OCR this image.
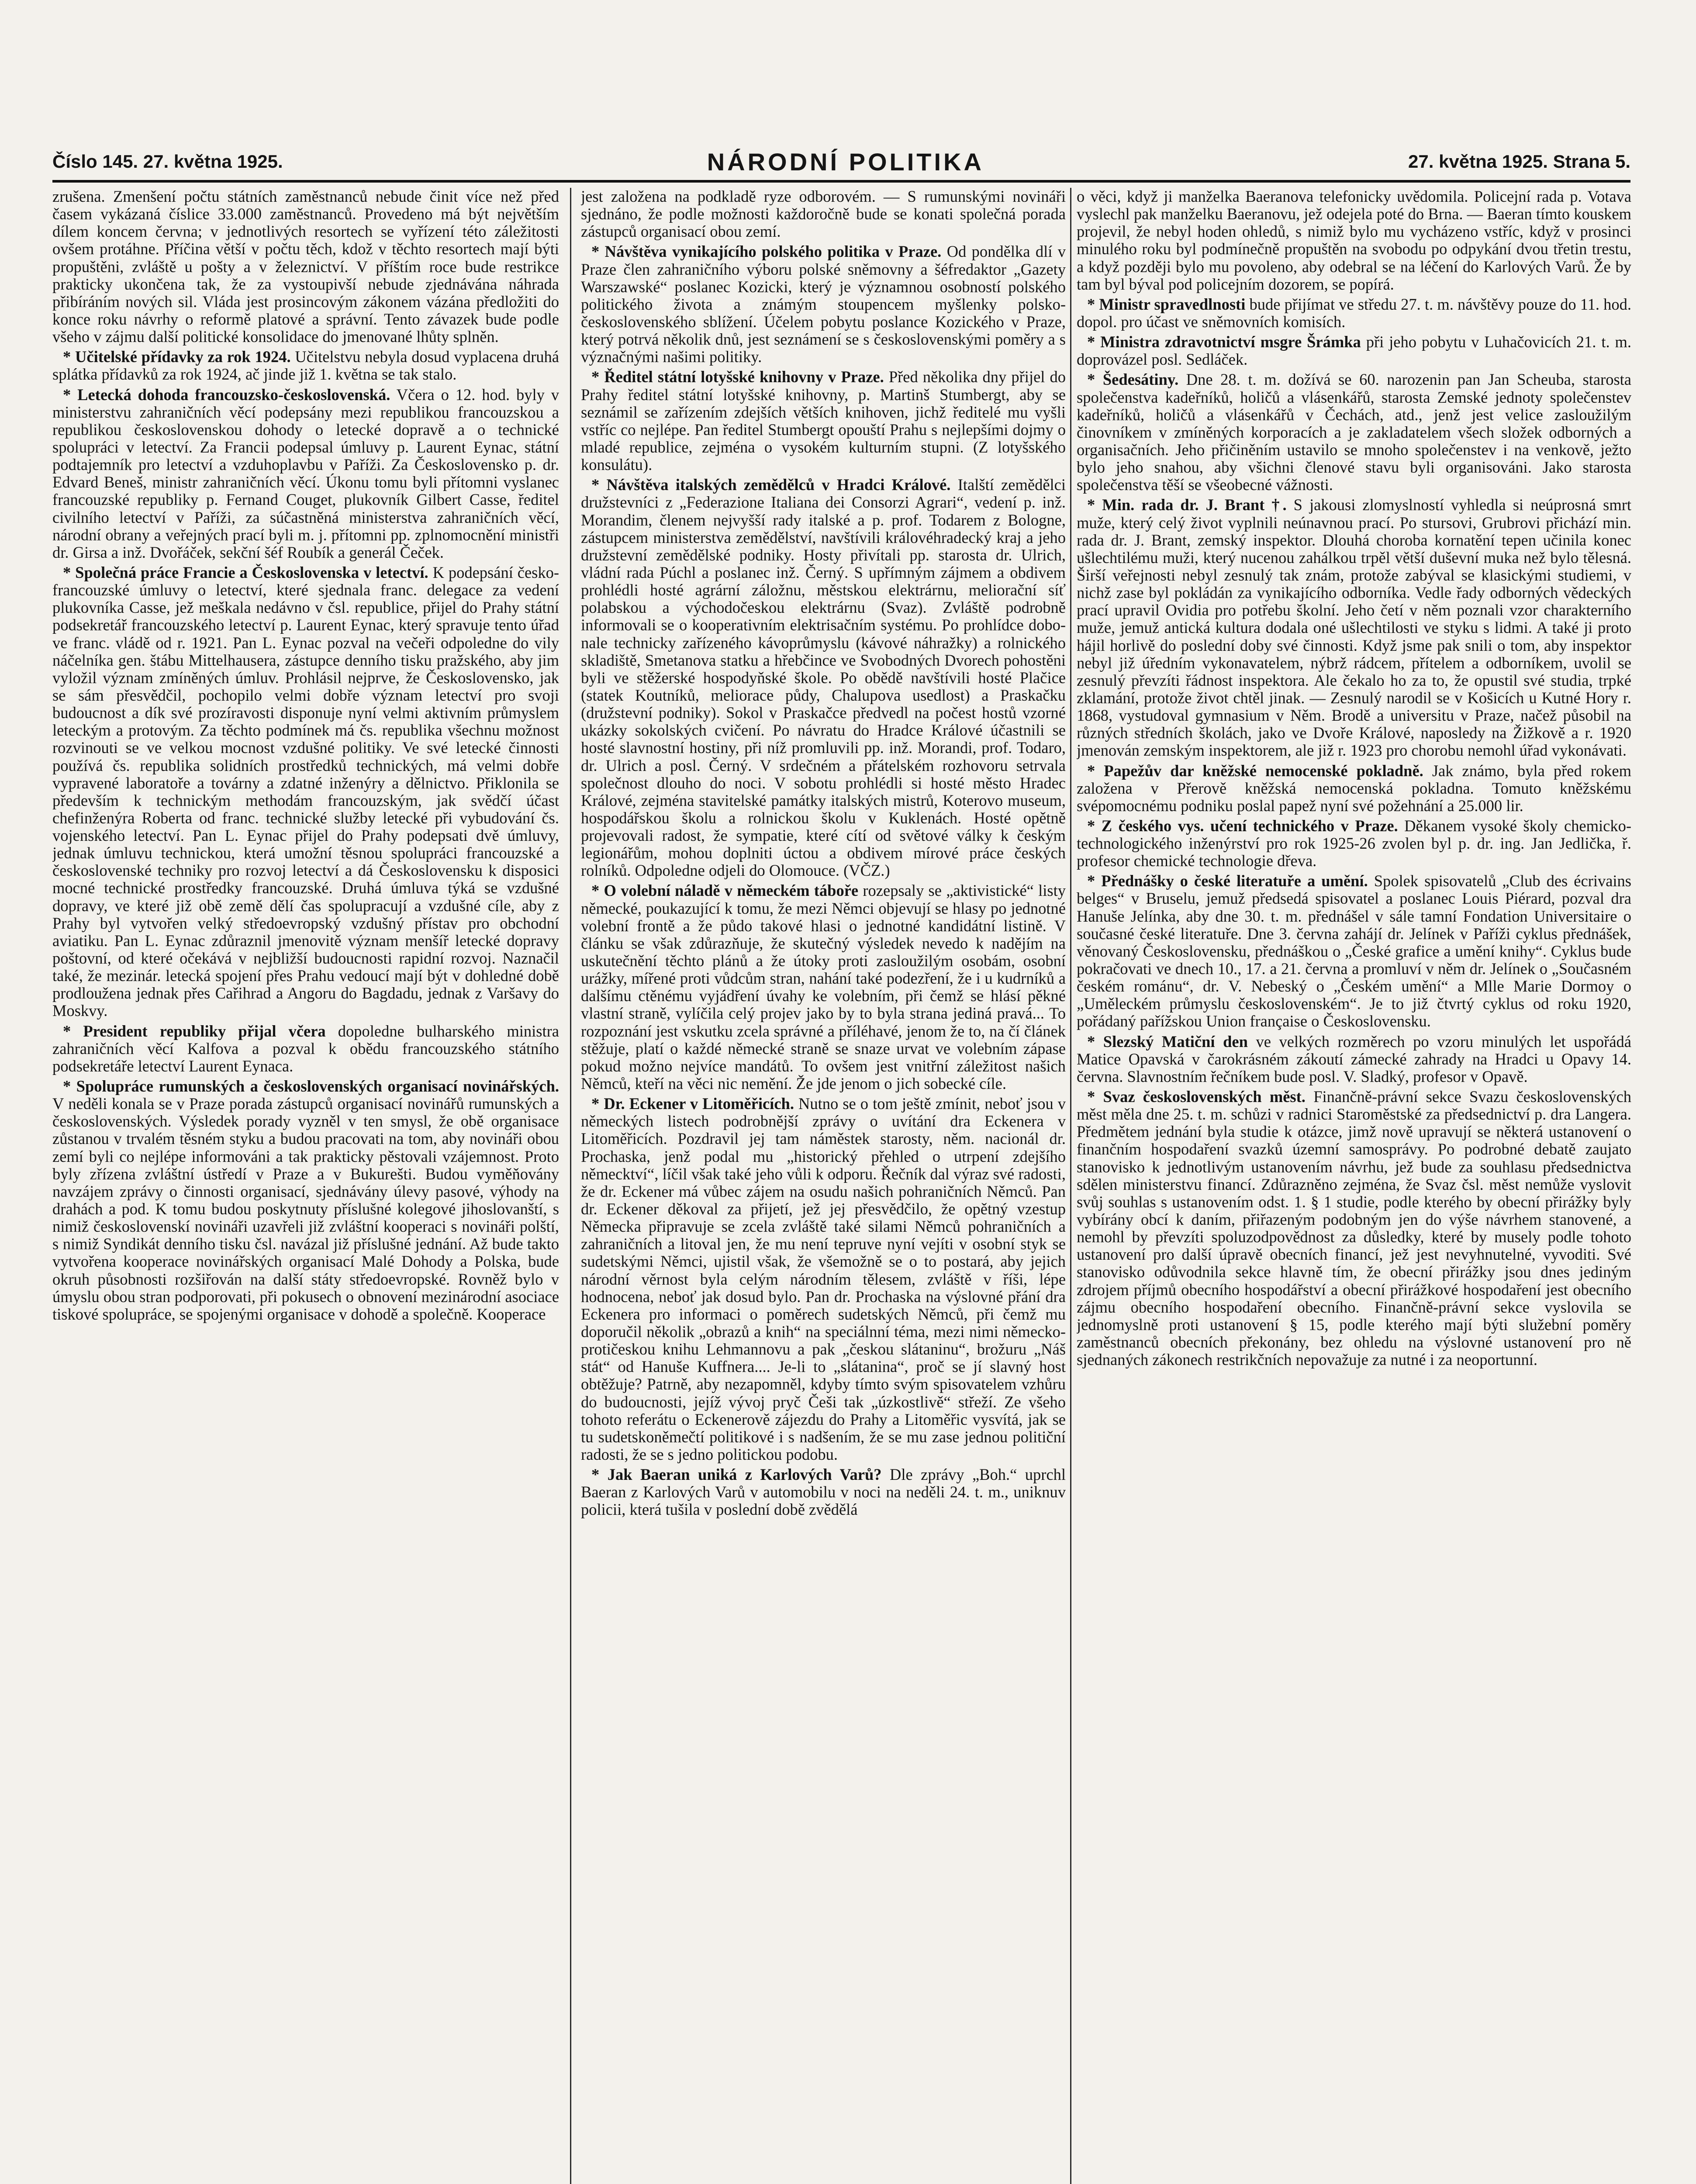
Číslo 145. 27. května 1925.	NÁRODNÍ POLITIKA	27. května 1925. Strana 5.

zrušena. Zmenšení počtu státních zaměstnanců nebude činit více než před časem vykázaná číslice 33.000 zaměstnanců. Provedeno má být největším dílem koncem června; v jednotlivých resortech se vyřízení této záležitosti ovšem protáhne. Příčina větší v počtu těch, kdož v těchto resortech mají býti propuštěni, zvláště u pošty a v železnictví. V příštím roce bude restrikce prakticky ukončena tak, že za vystoupivší nebude zjednávána náhrada přibíráním nových sil. Vláda jest prosincovým zákonem vázána předložiti do konce roku návrhy o reformě platové a správní. Tento závazek bude podle všeho v zájmu další politické konsolidace do jmenované lhůty splněn.

* Učitelské přídavky za rok 1924. Učitelstvu nebyla dosud vyplacena druhá splátka přídavků za rok 1924, ač jinde již 1. května se tak stalo.

* Letecká dohoda francouzsko-československá. Včera o 12. hod. byly v ministerstvu zahraničních věcí podepsány mezi republikou francouzskou a republikou československou dohody o letecké dopravě a o technické spolupráci v letectví. Za Francii podepsal úmluvy p. Laurent Eynac, státní podtajemník pro letectví a vzduhoplavbu v Paříži. Za Československo p. dr. Edvard Beneš, ministr zahraničních věcí. Úkonu tomu byli přítomni vyslanec francouzské republiky p. Fernand Couget, plukovník Gilbert Casse, ředitel civilního letectví v Paříži, za súčastněná ministerstva zahraničních věcí, národní obrany a veřejných prací byli m. j. přítomni pp. zplnomocnění ministři dr. Girsa a inž. Dvořáček, sekční šéf Roubík a generál Čeček.

* Společná práce Francie a Československa v letectví. K podepsání česko-francouzské úmluvy o letectví, které sjednala franc. delegace za vedení plukovníka Casse, jež meškala nedávno v čsl. republice, přijel do Prahy státní podsekretář francouzského letectví p. Laurent Eynac, který spravuje tento úřad ve franc. vládě od r. 1921. Pan L. Eynac pozval na večeři odpoledne do vily náčelníka gen. štábu Mittelhausera, zástupce denního tisku pražského, aby jim vyložil význam zmíněných úmluv. Prohlásil nejprve, že Československo, jak se sám přesvědčil, pochopilo velmi dobře význam letectví pro svoji budoucnost a dík své prozíravosti disponuje nyní velmi aktivním průmyslem leteckým a protovým. Za těchto podmínek má čs. republika všechnu možnost rozvinouti se ve velkou mocnost vzdušné politiky. Ve své letecké činnosti používá čs. republika solidních prostředků technických, má velmi dobře vypravené laboratoře a továrny a zdatné inženýry a dělnictvo. Přiklonila se především k technickým methodám francouzským, jak svědčí účast chefinženýra Roberta od franc. technické služby letecké při vybudování čs. vojenského letectví. Pan L. Eynac přijel do Prahy podepsati dvě úmluvy, jednak úmluvu technickou, která umožní těsnou spolupráci francouzské a československé techniky pro rozvoj letectví a dá Československu k disposici mocné technické prostředky francouzské. Druhá úmluva týká se vzdušné dopravy, ve které již obě země dělí čas spolupracují a vzdušné cíle, aby z Prahy byl vytvořen velký středoevropský vzdušný přístav pro obchodní aviatiku. Pan L. Eynac zdůraznil jmenovitě význam menšíř letecké dopravy poštovní, od které očekává v nejbližší budoucnosti rapidní rozvoj. Naznačil také, že mezinár. letecká spojení přes Prahu vedoucí mají být v dohledné době prodloužena jednak přes Cařihrad a Angoru do Bagdadu, jednak z Varšavy do Moskvy.

* President republiky přijal včera dopoledne bulharského ministra zahraničních věcí Kalfova a pozval k obědu francouzského státního podsekretáře letectví Laurent Eynaca.

* Spolupráce rumunských a československých organisací novinářských. V neděli konala se v Praze porada zástupců organisací novinářů rumunských a československých. Výsledek porady vyzněl v ten smysl, že obě organisace zůstanou v trvalém těsném styku a budou pracovati na tom, aby novináři obou zemí byli co nejlépe informováni a tak prakticky pěstovali vzájemnost. Proto byly zřízena zvláštní ústředí v Praze a v Bukurešti. Budou vyměňovány navzájem zprávy o činnosti organisací, sjednávány úlevy pasové, výhody na drahách a pod. K tomu budou poskytnuty příslušné kolegové jihoslovanští, s nimiž československí novináři uzavřeli již zvláštní kooperaci s novináři polští, s nimiž Syndikát denního tisku čsl. navázal již příslušné jednání. Až bude takto vytvořena kooperace novinářských organisací Malé Dohody a Polska, bude okruh působnosti rozšiřován na další státy středoevropské. Rovněž bylo v úmyslu obou stran podporovati, při pokusech o obnovení mezinárodní asociace tiskové spolupráce, se spojenými organisace v dohodě a společně. Kooperace

jest založena na podkladě ryze odborovém. — S rumunskými novináři sjednáno, že podle možnosti každoročně bude se konati společná porada zástupců organisací obou zemí.

* Návštěva vynikajícího polského politika v Praze. Od pondělka dlí v Praze člen zahraničního výboru polské sněmovny a šéfredaktor „Gazety Warszawské“ poslanec Kozicki, který je významnou osobností polského politického života a známým stoupencem myšlenky polsko-československého sblížení. Účelem pobytu poslance Kozického v Praze, který potrvá několik dnů, jest seznámení se s československými poměry a s význačnými našimi politiky.

* Ředitel státní lotyšské knihovny v Praze. Před několika dny přijel do Prahy ředitel státní lotyšské knihovny, p. Martinš Stumbergt, aby se seznámil se zařízením zdejších větších knihoven, jichž ředitelé mu vyšli vstříc co nejlépe. Pan ředitel Stumbergt opouští Prahu s nejlepšími dojmy o mladé republice, zejména o vysokém kulturním stupni. (Z lotyšského konsulátu).

* Návštěva italských zemědělců v Hradci Králové. Italští zemědělci družstevníci z „Federazione Italiana dei Consorzi Agrari“, vedení p. inž. Morandim, členem nejvyšší rady italské a p. prof. Todarem z Bologne, zástupcem ministerstva zemědělství, navštívili královéhradecký kraj a jeho družstevní zemědělské podniky. Hosty přivítali pp. starosta dr. Ulrich, vládní rada Púchl a poslanec inž. Černý. S upřímným zájmem a obdivem prohlédli hosté agrární záložnu, městskou elektrárnu, meliorační síť polabskou a východočeskou elektrárnu (Svaz). Zvláště podrobně informovali se o kooperativním elektrisačním systému. Po prohlídce dobonale technicky zařízeného kávoprůmyslu (kávové náhražky) a rolnického skladiště, Smetanova statku a hřebčince ve Svobodných Dvorech pohostěni byli ve stěžerské hospodyňské škole. Po obědě navštívili hosté Plačice (statek Koutníků, meliorace půdy, Chalupova usedlost) a Praskačku (družstevní podniky). Sokol v Praskačce předvedl na počest hostů vzorné ukázky sokolských cvičení. Po návratu do Hradce Králové účastnili se hosté slavnostní hostiny, při níž promluvili pp. inž. Morandi, prof. Todaro, dr. Ulrich a posl. Černý. V srdečném a přátelském rozhovoru setrvala společnost dlouho do noci. V sobotu prohlédli si hosté město Hradec Králové, zejména stavitelské památky italských mistrů, Koterovo museum, hospodářskou školu a rolnickou školu v Kuklenách. Hosté opětně projevovali radost, že sympatie, které cítí od světové války k českým legionářům, mohou doplniti úctou a obdivem mírové práce českých rolníků. Odpoledne odjeli do Olomouce. (VČZ.)

* O volební náladě v německém táboře rozepsaly se „aktivistické“ listy německé, poukazující k tomu, že mezi Němci objevují se hlasy po jednotné volební frontě a že půdo takové hlasi o jednotné kandidátní listině. V článku se však zdůrazňuje, že skutečný výsledek nevedo k nadějím na uskutečnění těchto plánů a že útoky proti zasloužilým osobám, osobní urážky, mířené proti vůdcům stran, nahání také podezření, že i u kudrníků a dalšímu ctěnému vyjádření úvahy ke volebním, při čemž se hlásí pěkné vlastní straně, vylíčila celý projev jako by to byla strana jediná pravá... To rozpoznání jest vskutku zcela správné a příléhavé, jenom že to, na čí článek stěžuje, platí o každé německé straně se snaze urvat ve volebním zápase pokud možno nejvíce mandátů. To ovšem jest vnitřní záležitost našich Němců, kteří na věci nic nemění. Že jde jenom o jich sobecké cíle.

* Dr. Eckener v Litoměřicích. Nutno se o tom ještě zmínit, neboť jsou v německých listech podrobnější zprávy o uvítání dra Eckenera v Litoměřicích. Pozdravil jej tam náměstek starosty, něm. nacionál dr. Prochaska, jenž podal mu „historický přehled o utrpení zdejšího německtví“, líčil však také jeho vůli k odporu. Řečník dal výraz své radosti, že dr. Eckener má vůbec zájem na osudu našich pohraničních Němců. Pan dr. Eckener děkoval za přijetí, jež jej přesvědčilo, že opětný vzestup Německa připravuje se zcela zvláště také silami Němců pohraničních a zahraničních a litoval jen, že mu není tepruve nyní vejíti v osobní styk se sudetskými Němci, ujistil však, že všemožně se o to postará, aby jejich národní věrnost byla celým národním tělesem, zvláště v říši, lépe hodnocena, neboť jak dosud bylo. Pan dr. Prochaska na výslovné přání dra Eckenera pro informaci o poměrech sudetských Němců, při čemž mu doporučil několik „obrazů a knih“ na speciálnní téma, mezi nimi německo-protičeskou knihu Lehmannovu a pak „českou slátaninu“, brožuru „Náš stát“ od Hanuše Kuffnera.... Je-li to „slátanina“, proč se jí slavný host obtěžuje? Patrně, aby nezapomněl, kdyby tímto svým spisovatelem vzhůru do budoucnosti, jejíž vývoj pryč Češi tak „úzkostlivě“ střeží. Ze všeho tohoto referátu o Eckenerově zájezdu do Prahy a Litoměřic vysvítá, jak se tu sudetskoněmečtí politikové i s nadšením, že se mu zase jednou političní radosti, že se s jedno politickou podobu.

* Jak Baeran uniká z Karlových Varů? Dle zprávy „Boh.“ uprchl Baeran z Karlových Varů v automobilu v noci na neděli 24. t. m., uniknuv policii, která tušila v poslední době zvědělá

o věci, když ji manželka Baeranova telefonicky uvědomila. Policejní rada p. Votava vyslechl pak manželku Baeranovu, jež odejela poté do Brna. — Baeran tímto kouskem projevil, že nebyl hoden ohledů, s nimiž bylo mu vycházeno vstříc, když v prosinci minulého roku byl podmínečně propuštěn na svobodu po odpykání dvou třetin trestu, a když později bylo mu povoleno, aby odebral se na léčení do Karlových Varů. Že by tam byl býval pod policejním dozorem, se popírá.

* Ministr spravedlnosti bude přijímat ve středu 27. t. m. návštěvy pouze do 11. hod. dopol. pro účast ve sněmovních komisích.

* Ministra zdravotnictví msgre Šrámka při jeho pobytu v Luhačovicích 21. t. m. doprovázel posl. Sedláček.

* Šedesátiny. Dne 28. t. m. dožívá se 60. narozenin pan Jan Scheuba, starosta společenstva kadeřníků, holičů a vlásenkářů, starosta Zemské jednoty společenstev kadeřníků, holičů a vlásenkářů v Čechách, atd., jenž jest velice zasloužilým činovníkem v zmíněných korporacích a je zakladatelem všech složek odborných a organisačních. Jeho přičiněním ustavilo se mnoho společenstev i na venkově, ježto bylo jeho snahou, aby všichni členové stavu byli organisováni. Jako starosta společenstva těší se všeobecné vážnosti.

* Min. rada dr. J. Brant †. S jakousi zlomyslností vyhledla si neúprosná smrt muže, který celý život vyplnili neúnavnou prací. Po stursovi, Grubrovi přichází min. rada dr. J. Brant, zemský inspektor. Dlouhá choroba kornatění tepen učinila konec ušlechtilému muži, který nucenou zahálkou trpěl větší duševní muka než bylo tělesná. Širší veřejnosti nebyl zesnulý tak znám, protože zabýval se klasickými studiemi, v nichž zase byl pokládán za vynikajícího odborníka. Vedle řady odborných vědeckých prací upravil Ovidia pro potřebu školní. Jeho četí v něm poznali vzor charakterního muže, jemuž antická kultura dodala oné ušlechtilosti ve styku s lidmi. A také ji proto hájil horlivě do poslední doby své činnosti. Když jsme pak snili o tom, aby inspektor nebyl již úředním vykonavatelem, nýbrž rádcem, přítelem a odborníkem, uvolil se zesnulý převzíti řádnost inspektora. Ale čekalo ho za to, že opustil své studia, trpké zklamání, protože život chtěl jinak. — Zesnulý narodil se v Košicích u Kutné Hory r. 1868, vystudoval gymnasium v Něm. Brodě a universitu v Praze, načež působil na různých středních školách, jako ve Dvoře Králové, naposledy na Žižkově a r. 1920 jmenován zemským inspektorem, ale již r. 1923 pro chorobu nemohl úřad vykonávati.

* Papežův dar kněžské nemocenské pokladně. Jak známo, byla před rokem založena v Přerově kněžská nemocenská pokladna. Tomuto kněžskému svépomocnému podniku poslal papež nyní své požehnání a 25.000 lir.

* Z českého vys. učení technického v Praze. Děkanem vysoké školy chemicko-technologického inženýrství pro rok 1925-26 zvolen byl p. dr. ing. Jan Jedlička, ř. profesor chemické technologie dřeva.

* Přednášky o české literatuře a umění. Spolek spisovatelů „Club des écrivains belges“ v Bruselu, jemuž předsedá spisovatel a poslanec Louis Piérard, pozval dra Hanuše Jelínka, aby dne 30. t. m. přednášel v sále tamní Fondation Universitaire o současné české literatuře. Dne 3. června zahájí dr. Jelínek v Paříži cyklus přednášek, věnovaný Československu, přednáškou o „České grafice a umění knihy“. Cyklus bude pokračovati ve dnech 10., 17. a 21. června a promluví v něm dr. Jelínek o „Současném českém románu“, dr. V. Nebeský o „Českém umění“ a Mlle Marie Dormoy o „Uměleckém průmyslu československém“. Je to již čtvrtý cyklus od roku 1920, pořádaný pařížskou Union française o Československu.

* Slezský Matiční den ve velkých rozměrech po vzoru minulých let uspořádá Matice Opavská v čarokrásném zákoutí zámecké zahrady na Hradci u Opavy 14. června. Slavnostním řečníkem bude posl. V. Sladký, profesor v Opavě.

* Svaz československých měst. Finančně-právní sekce Svazu československých měst měla dne 25. t. m. schůzi v radnici Staroměstské za předsednictví p. dra Langera. Předmětem jednání byla studie k otázce, jimž nově upravují se některá ustanovení o finančním hospodaření svazků územní samosprávy. Po podrobné debatě zaujato stanovisko k jednotlivým ustanovením návrhu, jež bude za souhlasu předsednictva sdělen ministerstvu financí. Zdůrazněno zejména, že Svaz čsl. měst nemůže vyslovit svůj souhlas s ustanovením odst. 1. § 1 studie, podle kterého by obecní přirážky byly vybírány obcí k daním, přiřazeným podobným jen do výše návrhem stanovené, a nemohl by převzíti spoluzodpovědnost za důsledky, které by musely podle tohoto ustanovení pro další úpravě obecních financí, jež jest nevyhnutelné, vyvoditi. Své stanovisko odůvodnila sekce hlavně tím, že obecní přirážky jsou dnes jediným zdrojem příjmů obecního hospodářství a obecní přirážkové hospodaření jest obecního zájmu obecního hospodaření obecního. Finančně-právní sekce vyslovila se jednomyslně proti ustanovení § 15, podle kterého mají býti služební poměry zaměstnanců obecních překonány, bez ohledu na výslovné ustanovení pro ně sjednaných zákonech restrikčních nepovažuje za nutné i za neoportunní.
